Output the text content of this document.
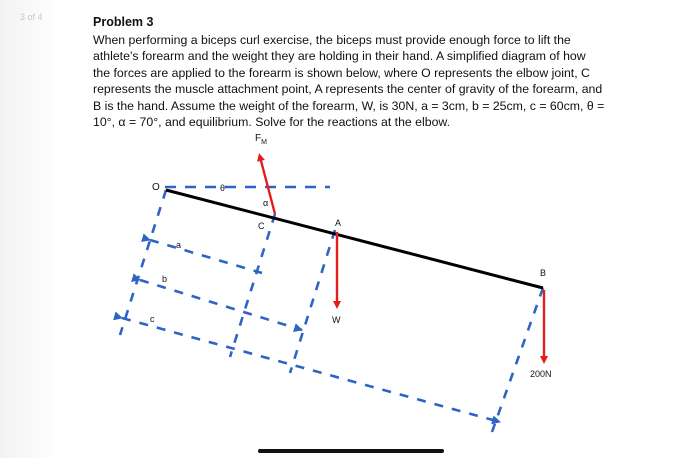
3 of 4	Problem 3
When performing a biceps curl exercise, the biceps must provide enough force to lift the
athlete’s forearm and the weight they are holding in their hand. A simplified diagram of how
the forces are applied to the forearm is shown below, where O represents the elbow joint, C
represents the muscle attachment point, A represents the center of gravity of the forearm, and
B is the hand. Assume the weight of the forearm, W, is 30N, a = 3cm, b = 25cm, c = 60cm, θ =
10°, α = 70°, and equilibrium. Solve for the reactions at the elbow.
$F_M$
O	θ
α
C	A
B
a
b
c	W
200N
